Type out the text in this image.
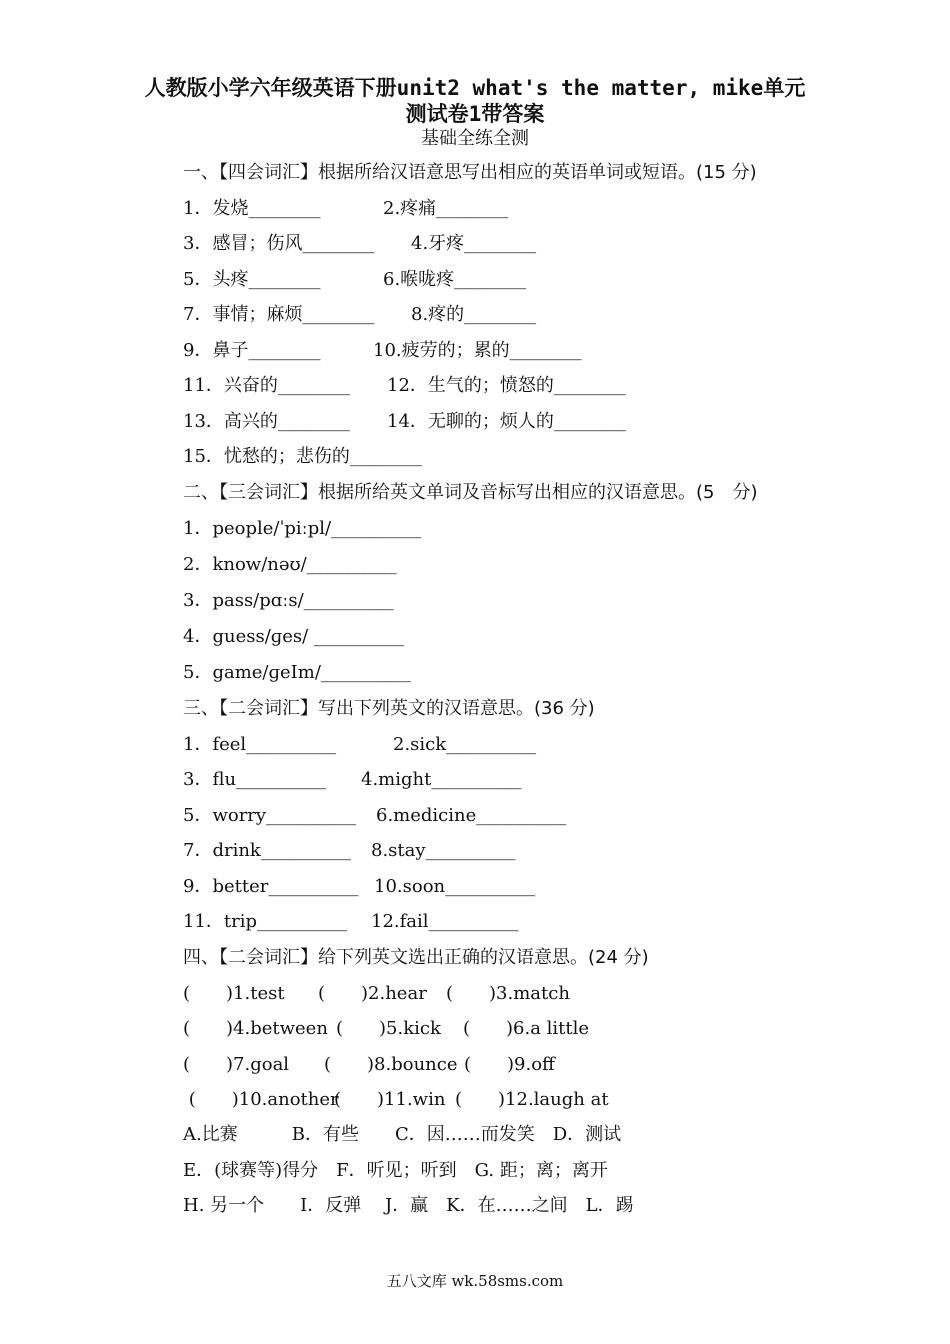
人教版小学六年级英语下册unit2 what's the matter, mike单元
测试卷1带答案
基础全练全测
一、【四会词汇】根据所给汉语意思写出相应的英语单词或短语。(15 分)
1．发烧________	2.疼痛________
3．感冒；伤风________ 4.牙疼________
5．头疼________	6.喉咙疼________
7．事情；麻烦________ 8.疼的________
9．鼻子________	10.疲劳的；累的________
11．兴奋的________ 12．生气的；愤怒的________
13．高兴的________ 14．无聊的；烦人的________
15．忧愁的；悲伤的________
二、【三会词汇】根据所给英文单词及音标写出相应的汉语意思。(5　分)
1．people/ˈpiːpl/__________
2．know/nəʊ/__________
3．pass/pɑːs/__________
4．guess/ɡes/ __________
5．game/ɡeIm/__________
三、【二会词汇】写出下列英文的汉语意思。(36 分)
1．feel__________	2.sick__________
3．flu__________ 4.might__________
5．worry__________ 6.medicine__________
7．drink__________ 8.stay__________
9．better__________ 10.soon__________
11．trip__________ 12.fail__________
四、【二会词汇】给下列英文选出正确的汉语意思。(24 分)
(　　)1.test (　　)2.hear (　　)3.match
(　　)4.between (　　)5.kick (　　)6.a little
(　　)7.goal (　　)8.bounce (　　)9.off
(　　)10.another(　　)11.win (　　)12.laugh at
A.比赛　　　B．有些　　C．因……而发笑　D．测试
E．(球赛等)得分　F．听见；听到　G. 距；离；离开
H. 另一个　　I．反弹　 J．赢　K．在……之间　L．踢
五八文库 wk.58sms.com
